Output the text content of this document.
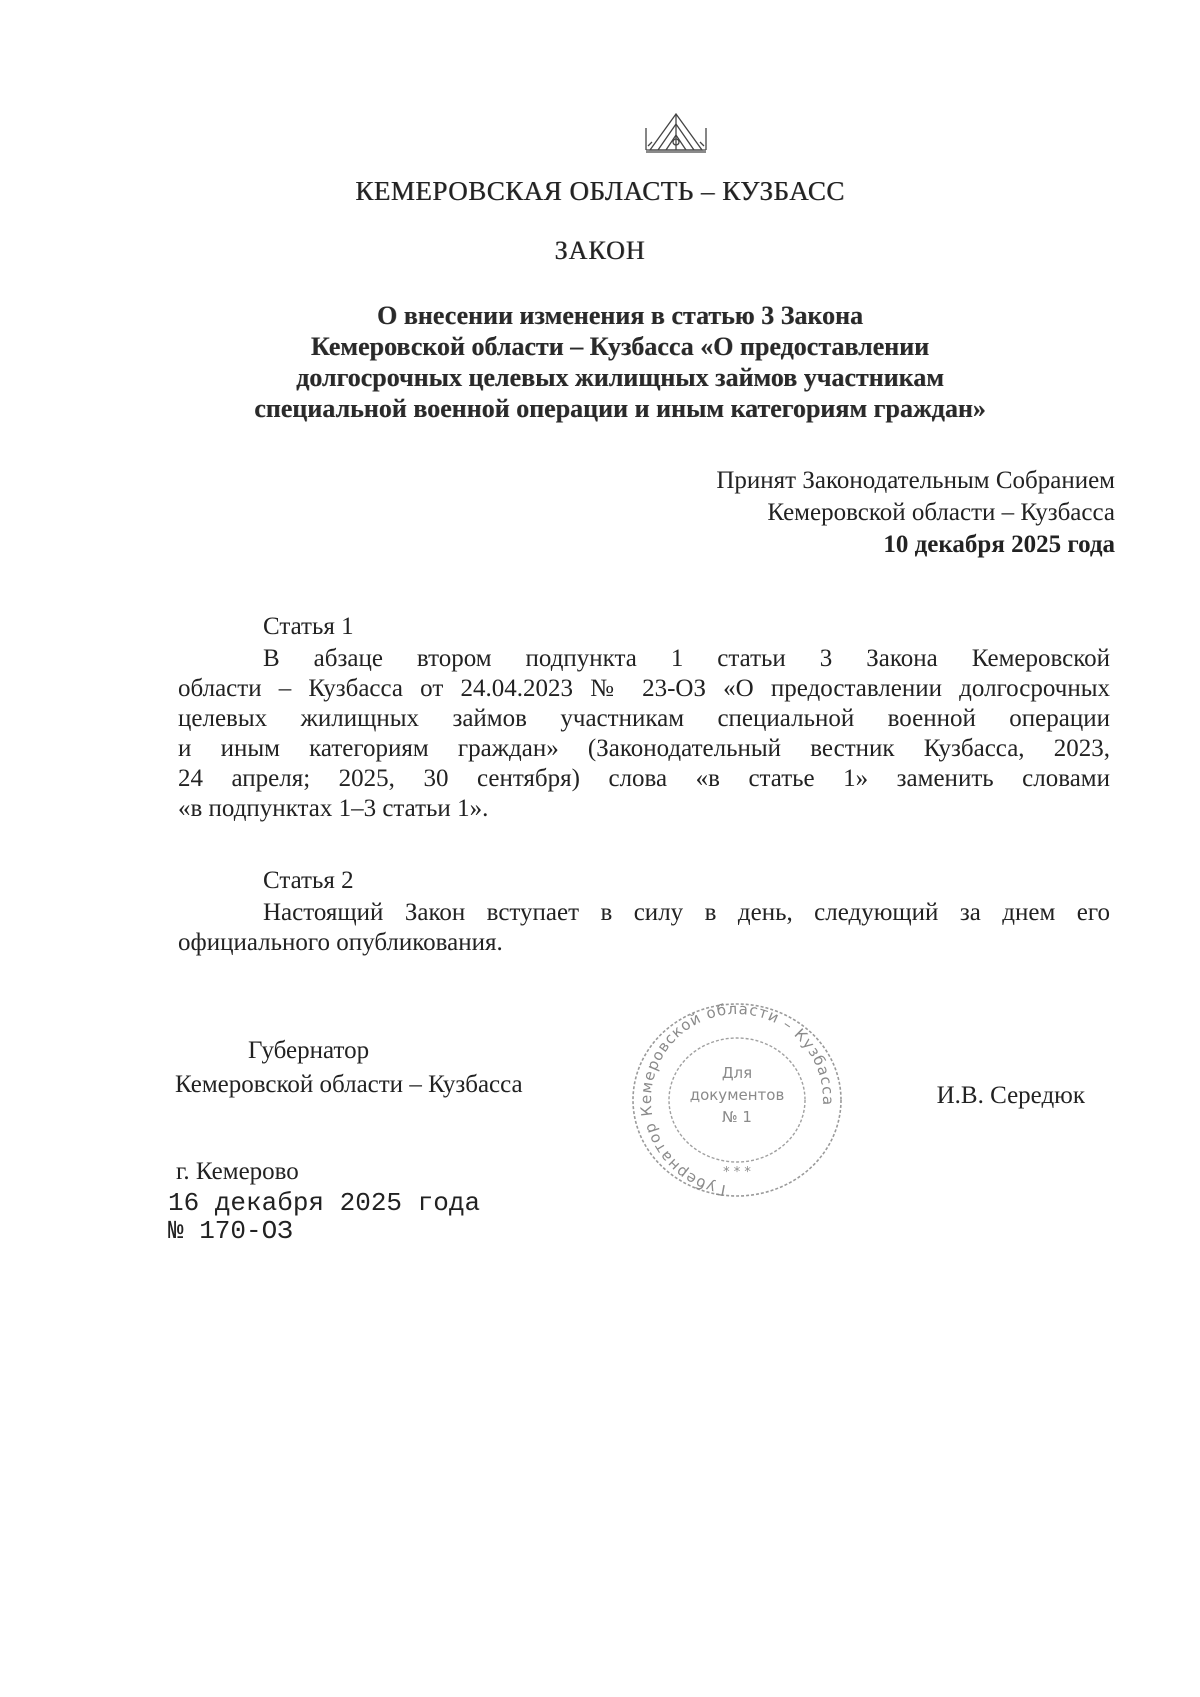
КЕМЕРОВСКАЯ ОБЛАСТЬ – КУЗБАСС
ЗАКОН
О внесении изменения в статью 3 Закона
Кемеровской области – Кузбасса «О предоставлении
долгосрочных целевых жилищных займов участникам
специальной военной операции и иным категориям граждан»
Принят Законодательным Собранием
Кемеровской области – Кузбасса
10 декабря 2025 года
Статья 1
В абзаце втором подпункта 1 статьи 3 Закона Кемеровской
области – Кузбасса от 24.04.2023 № 23-ОЗ «О предоставлении долгосрочных
целевых жилищных займов участникам специальной военной операции
и иным категориям граждан» (Законодательный вестник Кузбасса, 2023,
24 апреля; 2025, 30 сентября) слова «в статье 1» заменить словами
«в подпунктах 1–3 статьи 1».
Статья 2
Настоящий Закон вступает в силу в день, следующий за днем его
официального опубликования.
Губернатор
Кемеровской области – Кузбасса	И.В. Середюк
Губернатор Кемеровской области – Кузбасса
Для
документов
№ 1
* * *
г. Кемерово
16 декабря 2025 года
№ 170-ОЗ
